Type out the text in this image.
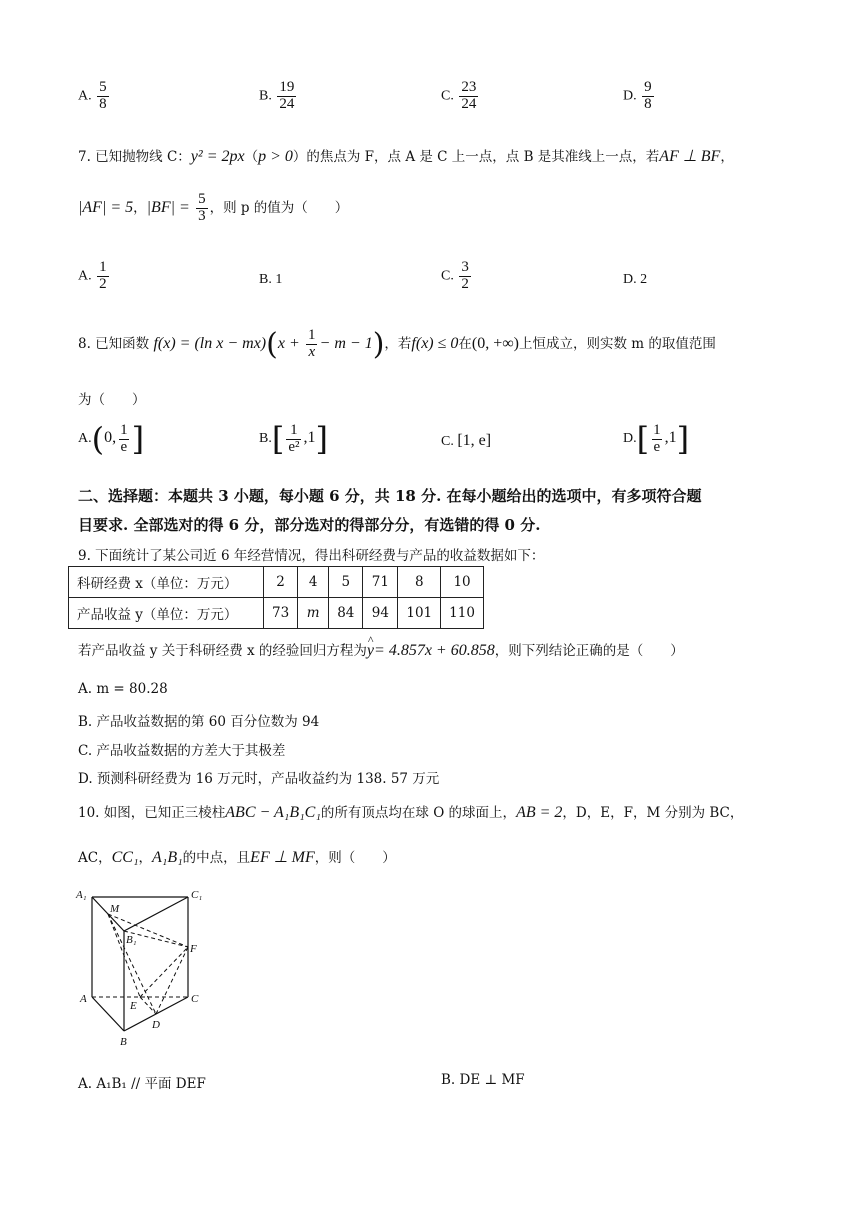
A. $\frac{5}{8}$	B. $\frac{19}{24}$	C. $\frac{23}{24}$	D. $\frac{9}{8}$
7. 已知抛物线 C：y² = 2px（p > 0）的焦点为 F，点 A 是 C 上一点，点 B 是其准线上一点，若AF ⊥ BF，
|AF| = 5，$|BF| = \frac{5}{3}$ ，则 p 的值为（　　）
A. $\frac{1}{2}$	B. 1	C. $\frac{3}{2}$	D. 2
8. 已知函数 f(x) = (ln $x - mx)(x + \frac{1}{x} - m - 1)$，若f(x) ≤ 0在(0, +∞)上恒成立，则实数 m 的取值范围
为（　　）
A.(0, $\frac{1}{e}$ ]	$B.[ \frac{1}{\text{e²}} ,1]$	C. [1, e]	$D.[ \frac{1}{e} ,1]$
二、选择题：本题共 3 小题，每小题 6 分，共 18 分. 在每小题给出的选项中，有多项符合题
目要求. 全部选对的得 6 分，部分选对的得部分分，有选错的得 0 分.
9. 下面统计了某公司近 6 年经营情况，得出科研经费与产品的收益数据如下：
科研经费 x（单位：万元）	2	4	5	71	8	10
产品收益 y（单位：万元）	73	m	84	94	101	110
若产品收益 y 关于科研经费 x 的经验回归方程为^ y= 4.857x + 60.858，则下列结论正确的是（　　）
A. m = 80.28
B. 产品收益数据的第 60 百分位数为 94
C. 产品收益数据的方差大于其极差
D. 预测科研经费为 16 万元时，产品收益约为 138. 57 万元
10. 如图，已知正三棱柱ABC − A₁B₁C₁的所有顶点均在球 O 的球面上，AB = 2，D，E，F，M 分别为 BC，
AC，CC₁，A₁B₁的中点，且EF ⊥ MF，则（　　）
A₁	C₁
M
B₁
F
A	C
E
D
B
A. A₁B₁ // 平面 DEF	B. DE ⊥ MF
